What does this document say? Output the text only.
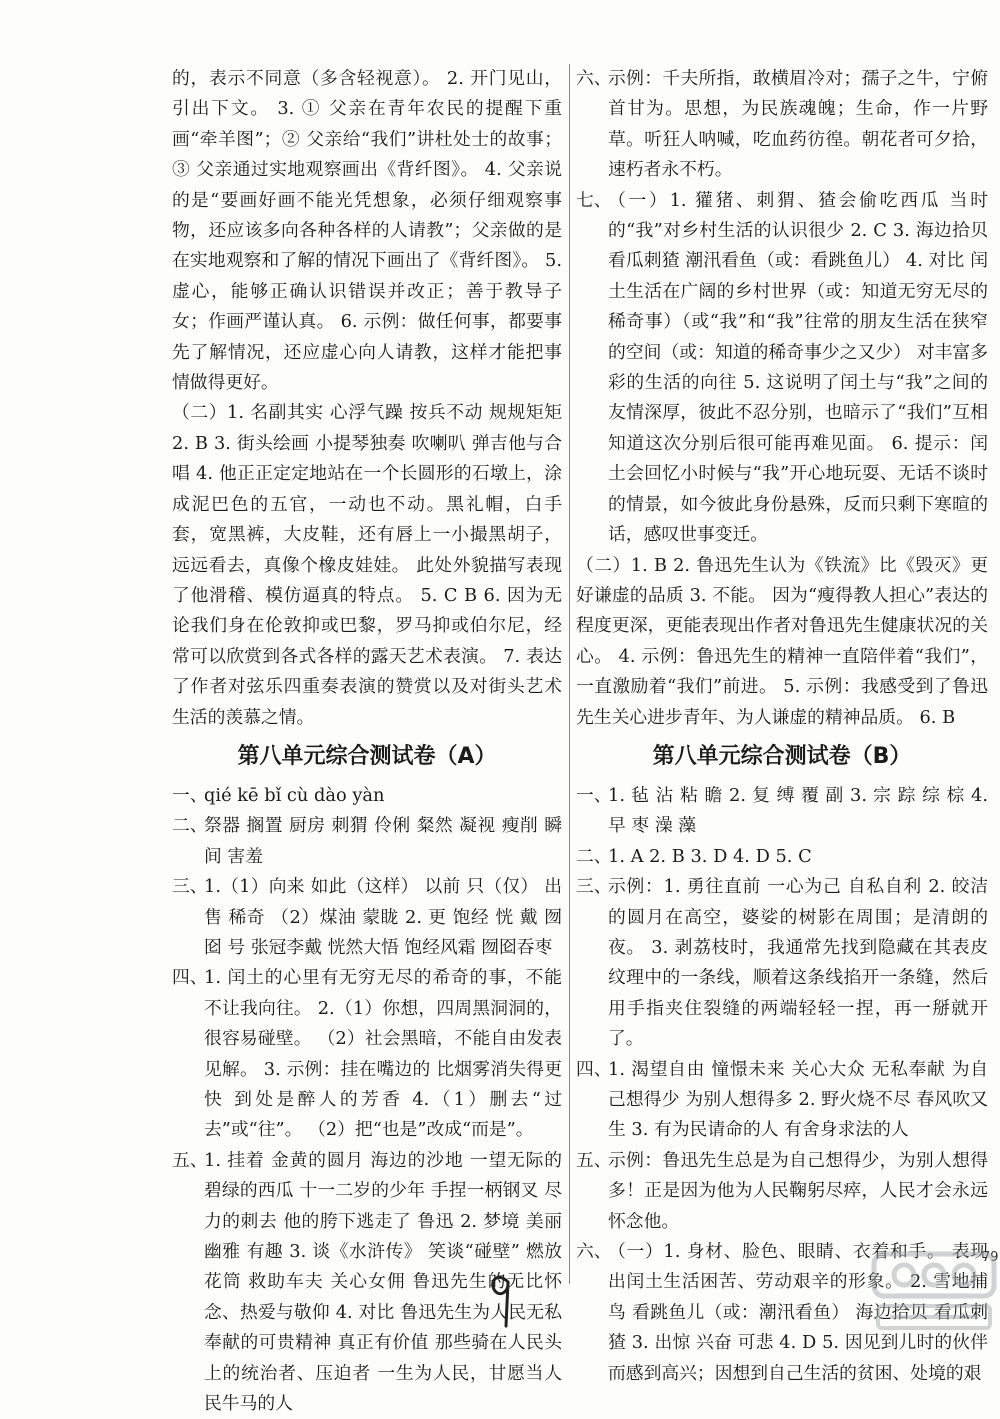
的，表示不同意（多含轻视意）。 2. 开门见山，引出下文。 3. ① 父亲在青年农民的提醒下重画“牵羊图”；② 父亲给“我们”讲杜处士的故事；③ 父亲通过实地观察画出《背纤图》。 4. 父亲说的是“要画好画不能光凭想象，必须仔细观察事物，还应该多向各种各样的人请教”；父亲做的是在实地观察和了解的情况下画出了《背纤图》。 5. 虚心，能够正确认识错误并改正；善于教导子女；作画严谨认真。 6. 示例：做任何事，都要事先了解情况，还应虚心向人请教，这样才能把事情做得更好。

（二）1. 名副其实 心浮气躁 按兵不动 规规矩矩 2. B 3. 街头绘画 小提琴独奏 吹喇叭 弹吉他与合唱 4. 他正正定定地站在一个长圆形的石墩上，涂成泥巴色的五官，一动也不动。黑礼帽，白手套，宽黑裤，大皮鞋，还有唇上一小撮黑胡子，远远看去，真像个橡皮娃娃。 此处外貌描写表现了他滑稽、模仿逼真的特点。 5. C B 6. 因为无论我们身在伦敦抑或巴黎，罗马抑或伯尔尼，经常可以欣赏到各式各样的露天艺术表演。 7. 表达了作者对弦乐四重奏表演的赞赏以及对街头艺术生活的羡慕之情。

第八单元综合测试卷（A）
一、
qié kē bǐ cù dào yàn
二、
祭器 搁置 厨房 刺猬 伶俐 粲然 凝视 瘦削 瞬间 害羞
三、
1.（1）向来 如此（这样） 以前 只（仅） 出售 稀奇 （2）煤油 蒙眬 2. 更 饱经 恍 戴 囫囵 号 张冠李戴 恍然大悟 饱经风霜 囫囵吞枣
四、
1. 闰土的心里有无穷无尽的希奇的事，不能不让我向往。 2.（1）你想，四周黑洞洞的，很容易碰壁。 （2）社会黑暗，不能自由发表见解。 3. 示例：挂在嘴边的 比烟雾消失得更快 到处是醉人的芳香 4.（1）删去“过去”或“往”。 （2）把“也是”改成“而是”。
五、
1. 挂着 金黄的圆月 海边的沙地 一望无际的碧绿的西瓜 十一二岁的少年 手捏一柄钢叉 尽力的刺去 他的胯下逃走了 鲁迅 2. 梦境 美丽 幽雅 有趣 3. 谈《水浒传》 笑谈“碰壁” 燃放花筒 救助车夫 关心女佣 鲁迅先生的无比怀念、热爱与敬仰 4. 对比 鲁迅先生为人民无私奉献的可贵精神 真正有价值 那些骑在人民头上的统治者、压迫者 一生为人民，甘愿当人民牛马的人
六、
示例：千夫所指，敢横眉冷对；孺子之牛，宁俯首甘为。思想，为民族魂魄；生命，作一片野草。听狂人呐喊，吃血药彷徨。朝花者可夕拾，速朽者永不朽。
七、
（一）1. 獾猪、刺猬、猹会偷吃西瓜 当时的“我”对乡村生活的认识很少 2. C 3. 海边拾贝 看瓜刺猹 潮汛看鱼（或：看跳鱼儿） 4. 对比 闰土生活在广阔的乡村世界（或：知道无穷无尽的稀奇事）（或“我”和“我”往常的朋友生活在狭窄的空间（或：知道的稀奇事少之又少） 对丰富多彩的生活的向往 5. 这说明了闰土与“我”之间的友情深厚，彼此不忍分别，也暗示了“我们”互相知道这次分别后很可能再难见面。 6. 提示：闰土会回忆小时候与“我”开心地玩耍、无话不谈时的情景，如今彼此身份悬殊，反而只剩下寒暄的话，感叹世事变迁。

（二）1. B 2. 鲁迅先生认为《铁流》比《毁灭》更好谦虚的品质 3. 不能。 因为“瘦得教人担心”表达的程度更深，更能表现出作者对鲁迅先生健康状况的关心。 4. 示例：鲁迅先生的精神一直陪伴着“我们”，一直激励着“我们”前进。 5. 示例：我感受到了鲁迅先生关心进步青年、为人谦虚的精神品质。 6. B

第八单元综合测试卷（B）
一、
1. 毡 沾 粘 瞻 2. 复 缚 覆 副 3. 宗 踪 综 棕 4. 早 枣 澡 藻
二、
1. A 2. B 3. D 4. D 5. C
三、
示例：1. 勇往直前 一心为己 自私自利 2. 皎洁的圆月在高空，婆娑的树影在周围；是清朗的夜。 3. 剥荔枝时，我通常先找到隐藏在其表皮纹理中的一条线，顺着这条线掐开一条缝，然后用手指夹住裂缝的两端轻轻一捏，再一掰就开了。
四、
1. 渴望自由 憧憬未来 关心大众 无私奉献 为自己想得少 为别人想得多 2. 野火烧不尽 春风吹又生 3. 有为民请命的人 有舍身求法的人
五、
示例：鲁迅先生总是为自己想得少，为别人想得多！正是因为他为人民鞠躬尽瘁，人民才会永远怀念他。
六、
（一）1. 身材、脸色、眼睛、衣着和手。 表现出闰土生活困苦、劳动艰辛的形象。 2. 雪地捕鸟 看跳鱼儿（或：潮汛看鱼） 海边拾贝 看瓜刺猹 3. 出惊 兴奋 可悲 4. D 5. 因见到儿时的伙伴而感到高兴；因想到自己生活的贫困、处境的艰
79
